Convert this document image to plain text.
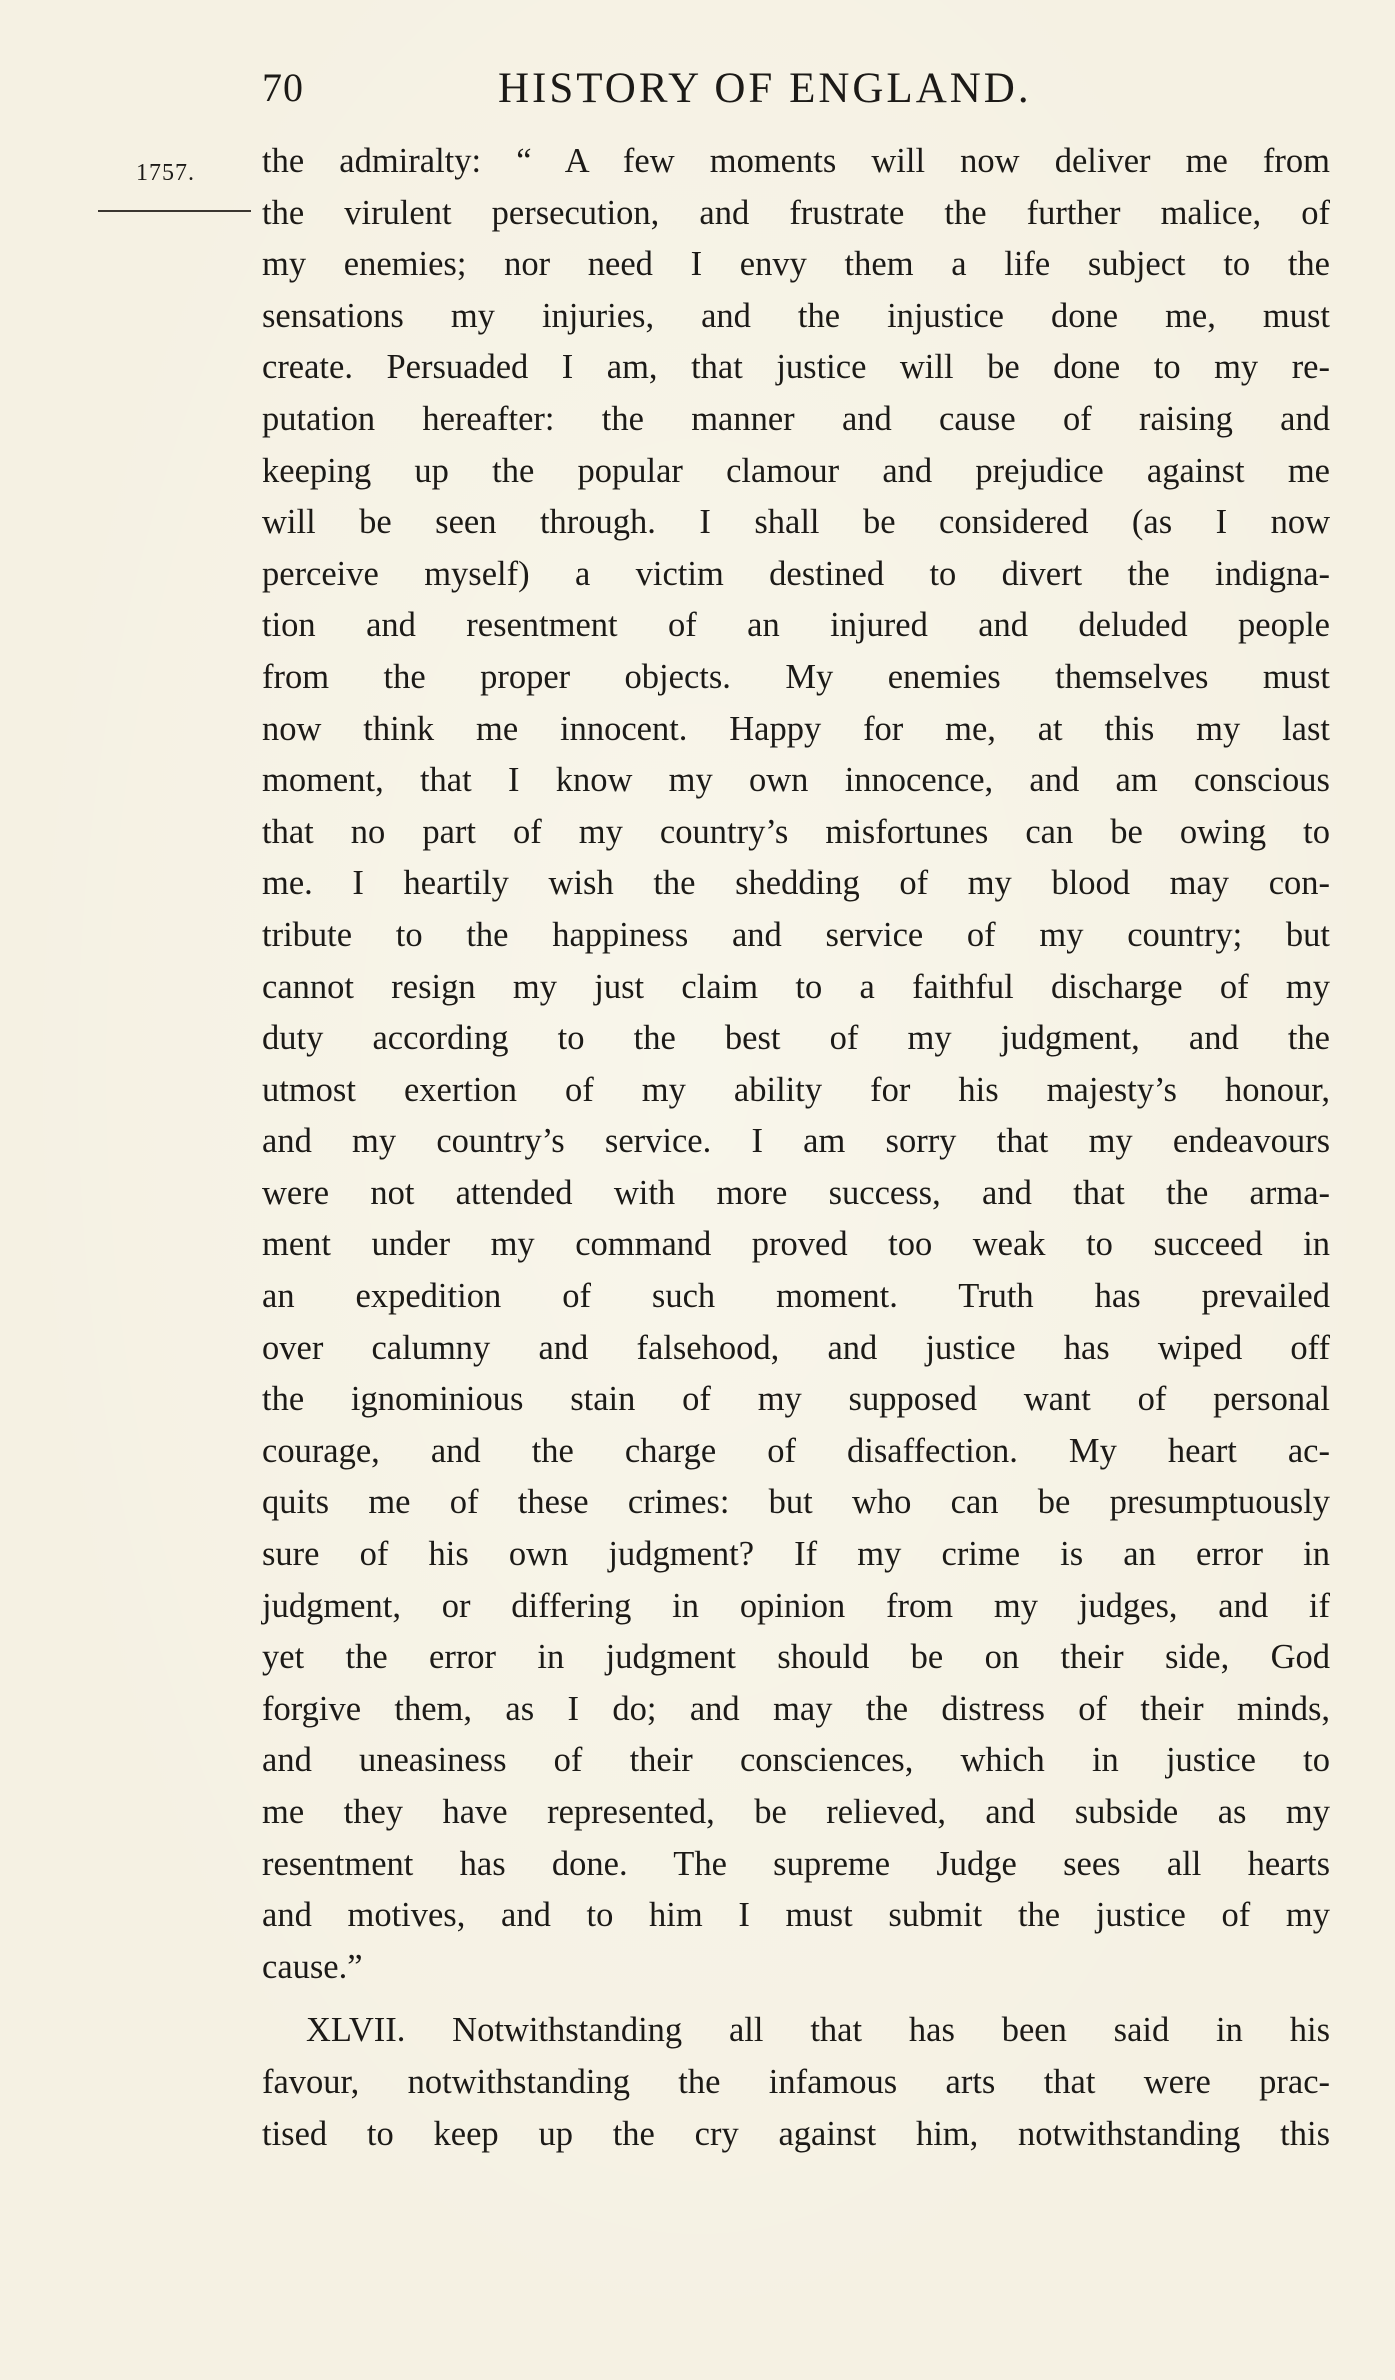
70	HISTORY OF ENGLAND.
1757. the admiralty: “ A few moments will now deliver me from
the virulent persecution, and frustrate the further malice, of
my enemies; nor need I envy them a life subject to the
sensations my injuries, and the injustice done me, must
create. Persuaded I am, that justice will be done to my re-
putation hereafter: the manner and cause of raising and
keeping up the popular clamour and prejudice against me
will be seen through. I shall be considered (as I now
perceive myself) a victim destined to divert the indigna-
tion and resentment of an injured and deluded people
from the proper objects. My enemies themselves must
now think me innocent. Happy for me, at this my last
moment, that I know my own innocence, and am conscious
that no part of my country’s misfortunes can be owing to
me. I heartily wish the shedding of my blood may con-
tribute to the happiness and service of my country; but
cannot resign my just claim to a faithful discharge of my
duty according to the best of my judgment, and the
utmost exertion of my ability for his majesty’s honour,
and my country’s service. I am sorry that my endeavours
were not attended with more success, and that the arma-
ment under my command proved too weak to succeed in
an expedition of such moment. Truth has prevailed
over calumny and falsehood, and justice has wiped off
the ignominious stain of my supposed want of personal
courage, and the charge of disaffection. My heart ac-
quits me of these crimes: but who can be presumptuously
sure of his own judgment? If my crime is an error in
judgment, or differing in opinion from my judges, and if
yet the error in judgment should be on their side, God
forgive them, as I do; and may the distress of their minds,
and uneasiness of their consciences, which in justice to
me they have represented, be relieved, and subside as my
resentment has done. The supreme Judge sees all hearts
and motives, and to him I must submit the justice of my
cause.”
XLVII. Notwithstanding all that has been said in his
favour, notwithstanding the infamous arts that were prac-
tised to keep up the cry against him, notwithstanding this
